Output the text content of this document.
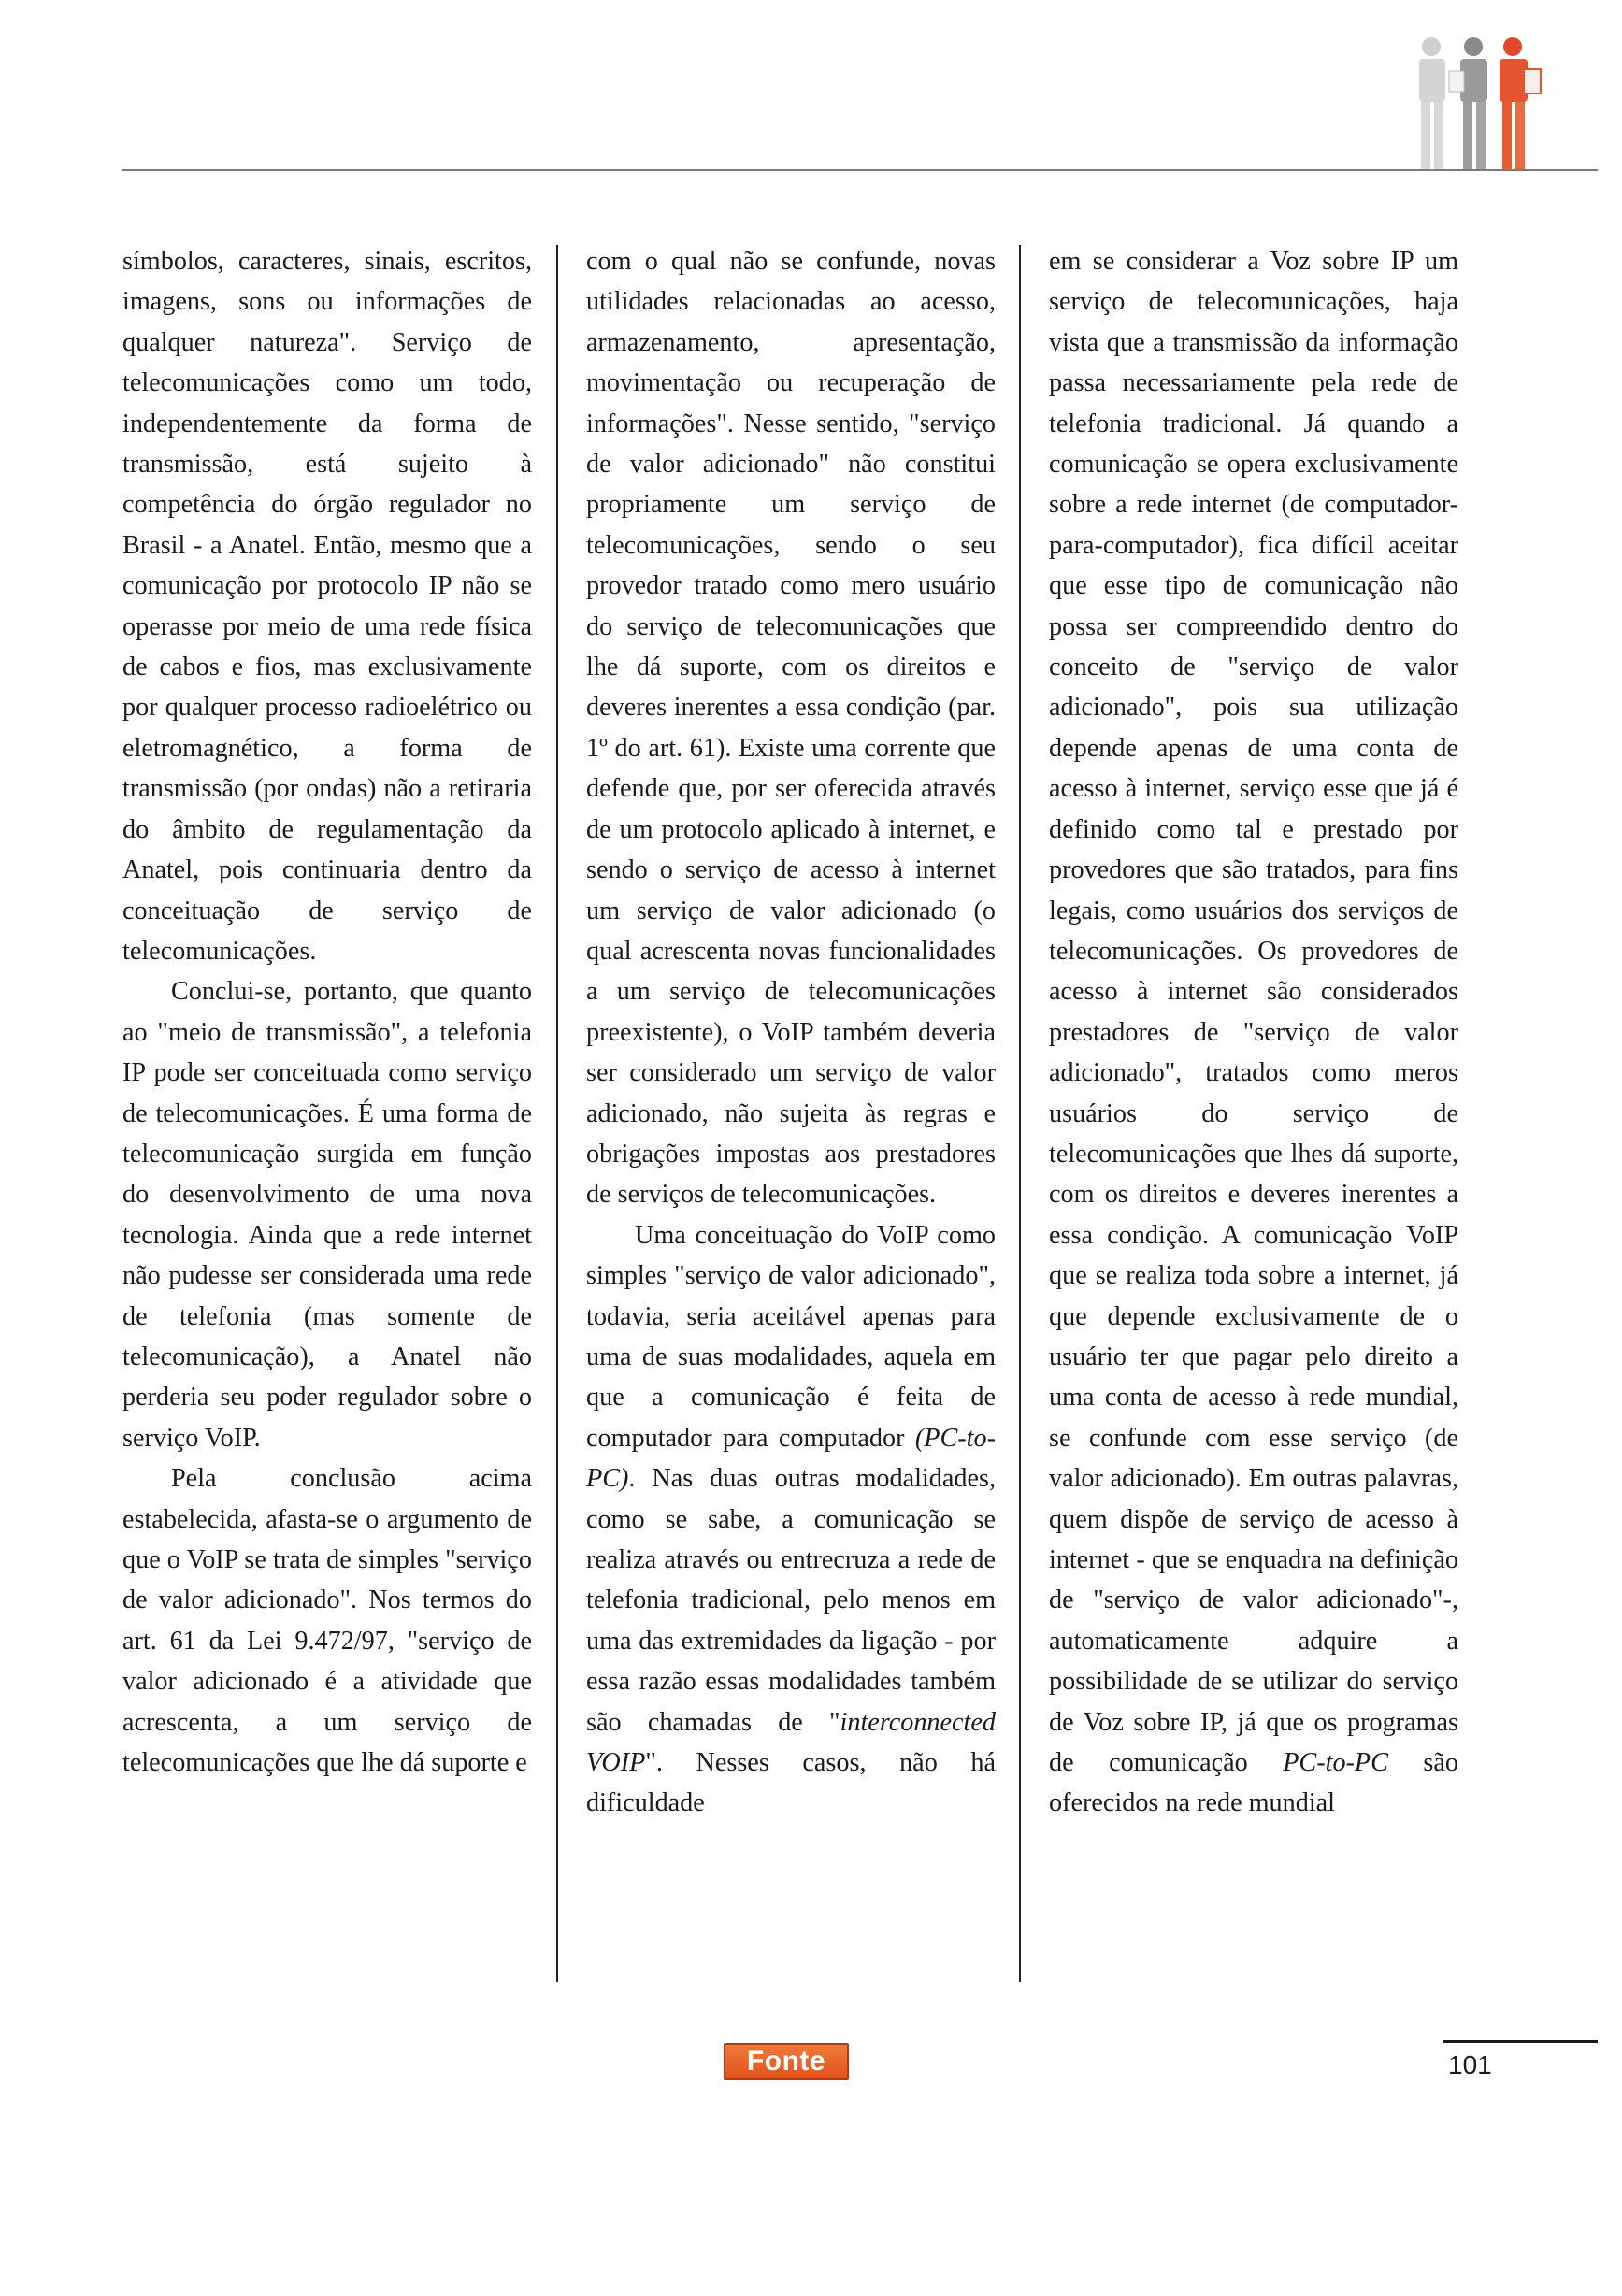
símbolos, caracteres, sinais, escritos, imagens, sons ou informações de qualquer natureza". Serviço de telecomunicações como um todo, independentemente da forma de transmissão, está sujeito à competência do órgão regulador no Brasil - a Anatel. Então, mesmo que a comunicação por protocolo IP não se operasse por meio de uma rede física de cabos e fios, mas exclusivamente por qualquer processo radioelétrico ou eletromagnético, a forma de transmissão (por ondas) não a retiraria do âmbito de regulamentação da Anatel, pois continuaria dentro da conceituação de serviço de telecomunicações.

Conclui-se, portanto, que quanto ao "meio de transmissão", a telefonia IP pode ser conceituada como serviço de telecomunicações. É uma forma de telecomunicação surgida em função do desenvolvimento de uma nova tecnologia. Ainda que a rede internet não pudesse ser considerada uma rede de telefonia (mas somente de telecomunicação), a Anatel não perderia seu poder regulador sobre o serviço VoIP.

Pela conclusão acima estabelecida, afasta-se o argumento de que o VoIP se trata de simples "serviço de valor adicionado". Nos termos do art. 61 da Lei 9.472/97, "serviço de valor adicionado é a atividade que acrescenta, a um serviço de telecomunicações que lhe dá suporte e

com o qual não se confunde, novas utilidades relacionadas ao acesso, armazenamento, apresentação, movimentação ou recuperação de informações". Nesse sentido, "serviço de valor adicionado" não constitui propriamente um serviço de telecomunicações, sendo o seu provedor tratado como mero usuário do serviço de telecomunicações que lhe dá suporte, com os direitos e deveres inerentes a essa condição (par. 1º do art. 61). Existe uma corrente que defende que, por ser oferecida através de um protocolo aplicado à internet, e sendo o serviço de acesso à internet um serviço de valor adicionado (o qual acrescenta novas funcionalidades a um serviço de telecomunicações preexistente), o VoIP também deveria ser considerado um serviço de valor adicionado, não sujeita às regras e obrigações impostas aos prestadores de serviços de telecomunicações.

Uma conceituação do VoIP como simples "serviço de valor adicionado", todavia, seria aceitável apenas para uma de suas modalidades, aquela em que a comunicação é feita de computador para computador (PC-to-PC). Nas duas outras modalidades, como se sabe, a comunicação se realiza através ou entrecruza a rede de telefonia tradicional, pelo menos em uma das extremidades da ligação - por essa razão essas modalidades também são chamadas de "interconnected VOIP". Nesses casos, não há dificuldade

em se considerar a Voz sobre IP um serviço de telecomunicações, haja vista que a transmissão da informação passa necessariamente pela rede de telefonia tradicional. Já quando a comunicação se opera exclusivamente sobre a rede internet (de computador-para-computador), fica difícil aceitar que esse tipo de comunicação não possa ser compreendido dentro do conceito de "serviço de valor adicionado", pois sua utilização depende apenas de uma conta de acesso à internet, serviço esse que já é definido como tal e prestado por provedores que são tratados, para fins legais, como usuários dos serviços de telecomunicações. Os provedores de acesso à internet são considerados prestadores de "serviço de valor adicionado", tratados como meros usuários do serviço de telecomunicações que lhes dá suporte, com os direitos e deveres inerentes a essa condição. A comunicação VoIP que se realiza toda sobre a internet, já que depende exclusivamente de o usuário ter que pagar pelo direito a uma conta de acesso à rede mundial, se confunde com esse serviço (de valor adicionado). Em outras palavras, quem dispõe de serviço de acesso à internet - que se enquadra na definição de "serviço de valor adicionado"-, automaticamente adquire a possibilidade de se utilizar do serviço de Voz sobre IP, já que os programas de comunicação PC-to-PC são oferecidos na rede mundial

Fonte	101
